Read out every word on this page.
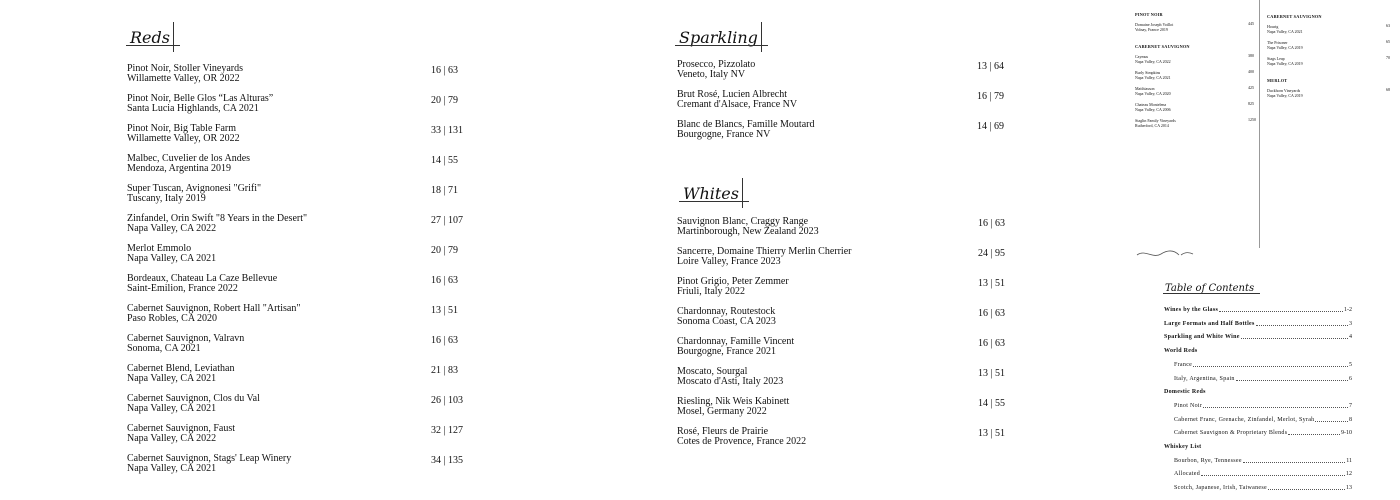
Reds	Sparkling
Whites
Pinot Noir, Stoller Vineyards
Willamette Valley, OR 2022
16 | 63
Pinot Noir, Belle Glos “Las Alturas”
Santa Lucia Highlands, CA 2021
20 | 79
Pinot Noir, Big Table Farm
Willamette Valley, OR 2022
33 | 131
Malbec, Cuvelier de los Andes
Mendoza, Argentina 2019
14 | 55
Super Tuscan, Avignonesi "Grifi"
Tuscany, Italy 2019
18 | 71
Zinfandel, Orin Swift "8 Years in the Desert"
Napa Valley, CA 2022
27 | 107
Merlot Emmolo
Napa Valley, CA 2021
20 | 79
Bordeaux, Chateau La Caze Bellevue
Saint-Emilion, France 2022
16 | 63
Cabernet Sauvignon, Robert Hall "Artisan"
Paso Robles, CA 2020
13 | 51
Cabernet Sauvignon, Valravn
Sonoma, CA 2021
16 | 63
Cabernet Blend, Leviathan
Napa Valley, CA 2021
21 | 83
Cabernet Sauvignon, Clos du Val
Napa Valley, CA 2021
26 | 103
Cabernet Sauvignon, Faust
Napa Valley, CA 2022
32 | 127
Cabernet Sauvignon, Stags' Leap Winery
Napa Valley, CA 2021
34 | 135
Prosecco, Pizzolato
Veneto, Italy NV
13 | 64
Brut Rosé, Lucien Albrecht
Cremant d'Alsace, France NV
16 | 79
Blanc de Blancs, Famille Moutard
Bourgogne, France NV
14 | 69
Sauvignon Blanc, Craggy Range
Martinborough, New Zealand 2023
16 | 63
Sancerre, Domaine Thierry Merlin Cherrier
Loire Valley, France 2023
24 | 95
Pinot Grigio, Peter Zemmer
Friuli, Italy 2022
13 | 51
Chardonnay, Routestock
Sonoma Coast, CA 2023
16 | 63
Chardonnay, Famille Vincent
Bourgogne, France 2021
16 | 63
Moscato, Sourgal
Moscato d'Asti, Italy 2023
13 | 51
Riesling, Nik Weis Kabinett
Mosel, Germany 2022
14 | 55
Rosé, Fleurs de Prairie
Cotes de Provence, France 2022
13 | 51
PINOT NOIR
Domaine Joseph Voillot
Volnay, France 2019
445
CABERNET SAUVIGNON
Caymus
Napa Valley, CA 2022
380
Burly Simpkins
Napa Valley, CA 2021
400
Matthiasson
Napa Valley, CA 2020
425
Chateau Montelena
Napa Valley, CA 2006
825
Staglin Family Vineyards
Rutherford, CA 2014
1250
CABERNET SAUVIGNON
Hourig
Napa Valley, CA 2021
63
The Prisoner
Napa Valley, CA 2019
65
Stags Leap
Napa Valley, CA 2019
70
MERLOT
Duckhorn Vineyards
Napa Valley, CA 2019
68
Table of Contents
Wines by the Glass	1-2
Large Formats and Half Bottles	3
Sparkling and White Wine	4
World Reds
France	5
Italy, Argentina, Spain	6
Domestic Reds
Pinot Noir	7
Cabernet Franc, Grenache, Zinfandel, Merlot, Syrah	8
Cabernet Sauvignon & Proprietary Blends	9-10
Whiskey List
Bourbon, Rye, Tennessee	11
Allocated	12
Scotch, Japanese, Irish, Taiwanese	13
